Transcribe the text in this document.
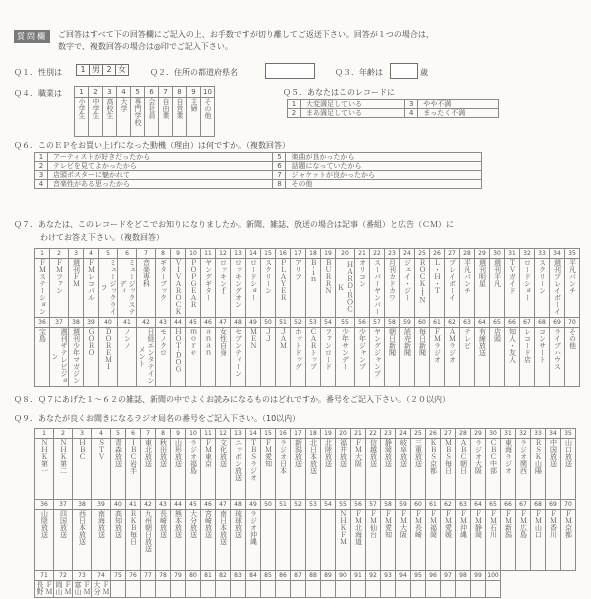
質問欄	ご回答はすべて下の回答欄にご記入の上、お手数ですが切り離してご返送下さい。回答が１つの場合は、
数字で、複数回答の場合は◎印でご記入下さい。
Ｑ１．性別は	1 男 2 女	Ｑ２．住所の都道府県名	Ｑ３．年齢は	歳
Ｑ４．職業は 1	2	3	4	5	6	7	8	9	10
小学生	中学生	高校生	大学	専門学校	会社員	自由業	自営業	主婦	その他
Ｑ５．あなたはこのレコードに
1	大変満足している	3	やや不満
2	まあ満足している	4	まったく不満
Ｑ６．このＥＰをお買い上げになった動機（理由）は何ですか。（複数回答）
1	アーティストが好きだったから	5	楽曲が良かったから
2	テレビを見てよかったから	6	話題になっていたから
3	店頭ポスターに魅かれて	7	ジャケットが良かったから
4	音楽性がある思ったから	8	その他
Ｑ７．あなたは、このレコードをどこでお知りになりましたか。新聞、雑誌、放送の場合は記事（番組）と広告（ＣＭ）に
わけてお答え下さい。（複数回答）
1	2	3	4	5	6	7	8	9	10	11	12	13	14	15	16	17	18	19	20	21	22	23	24	25	26	27	28	29	30	31	32	33	34	35
ＦＭステーション	ＦＭファン	週刊ＦＭ	ＦＭレコパル	ミュージックライフ	ミュージックステディ	音楽専科	ギターブック	ＶＩＶＡＲＯＣＫ	ＰＯＰＧＥＡＲ	ヤングギター	ロッキンｆ	ロッキングオン	ロードショー	スクリーン	ＰＬＡＹＥＲ	アリフ	Ｂ‐ｉｎ	ＢＵＲＲＮ	ＨＡＲＤ‐ＲＯＣＫ	オリコン	スーパーヤンパー	月刊カドカワ	ジェイ・ジー	ＲＯＣＫ-ＩＮ	Ｌ・Ｈ・Ｔ	プレイボーイ	平凡パンチ	週刊明星	週刊平凡	ＴＶガイド	ロードショー	スクリーン	週刊プレイボーイ	平凡パンチ
36	37	38	39	40	41	42	43	44	45	46	47	48	49	50	51	52	53	54	55	56	57	58	59	60	61	62	63	64	65	66	67	68	69	70
宝島	週刊ザテレビジョン	週刊少年マガジン	ＧＯＲＯ	ＤＯＲＥＭＩ	ノンノ	日経エンタテインメント	モノクロ	ＨＯＴ‐ＤＯＧ	ｍｏｒｅ	ａｎａｎ	女性自身	セブンティーン	ＭＥＮ	ＪＪ	ＪＡＭ	ホットドッグ	ＣＡＲトップ	ファンロード	少年サンデー	少年ジャンプ	ヤングジャンプ	朝日新聞	読売新聞	毎日新聞	ＦＭラジオ	ＡＭラジオ	テレビ	有線放送	店頭	知人・友人	レコード店	コンサート	ライブハウス	その他
Ｑ８．Ｑ７にあげた１～６２の雑誌、新聞の中でよくお読みになるものはどれですか。番号をご記入下さい。（２０以内）
Ｑ９．あなたが良くお聞きになるラジオ局名の番号をご記入下さい。（10以内）
1	2	3	4	5	6	7	8	9	10	11	12	13	14	15	16	17	18	19	20	21	22	23	24	25	26	27	28	29	30	31	32	33	34	35
ＮＨＫ第一	ＮＨＫ第二	ＨＢＣ	ＳＴＶ	青森放送	ＩＢＣ岩手	東北放送	秋田放送	山形放送	ラジオ福島	ＦＭ東京	文化放送	ニッポン放送	ＴＢＳラジオ	ＦＭ愛知	ラジオ日本	新潟放送	北日本放送	北陸放送	福井放送	ＦＭ大阪	信越放送	静岡放送	岐阜放送	三重放送	ＫＢＳ京都	ＭＢＳ毎日	ＡＢＣ朝日	ラジオ大阪	ＣＢＣ中部	東海ラジオ	ラジオ関西	ＲＳＫ山陽	中国放送	山口放送
36	37	38	39	40	41	42	43	44	45	46	47	48	49	50	51	52	53	54	55	56	57	58	59	60	61	62	63	64	65	66	67	68	69	70
山陰放送	四国放送	西日本放送	南海放送	高知放送	ＲＫＢ毎日	九州朝日放送	長崎放送	熊本放送	大分放送	宮崎放送	南日本放送	琉球放送	ラジオ沖縄						ＮＨＫＦＭ	ＦＭ北海道	ＦＭ仙台	ＦＭ愛知	ＦＭ大阪	ＦＭ長崎	ＦＭ福岡	ＦＭ愛媛	ＦＭ沖縄	ＦＭ静岡	ＦＭ石川	ＦＭ新潟	ＦＭ広島	ＦＭ山口	ＦＭ香川	ＦＭ京都
71	72	73	74	75	76	77	78	79	80	81	82	83	84	85	86	87	88	89	90	91	92	93	94	95	96	97	98	99	100					
ＦＭ長野	ＦＭ岡山	ＦＭ富山	ＦＭ大分																															
